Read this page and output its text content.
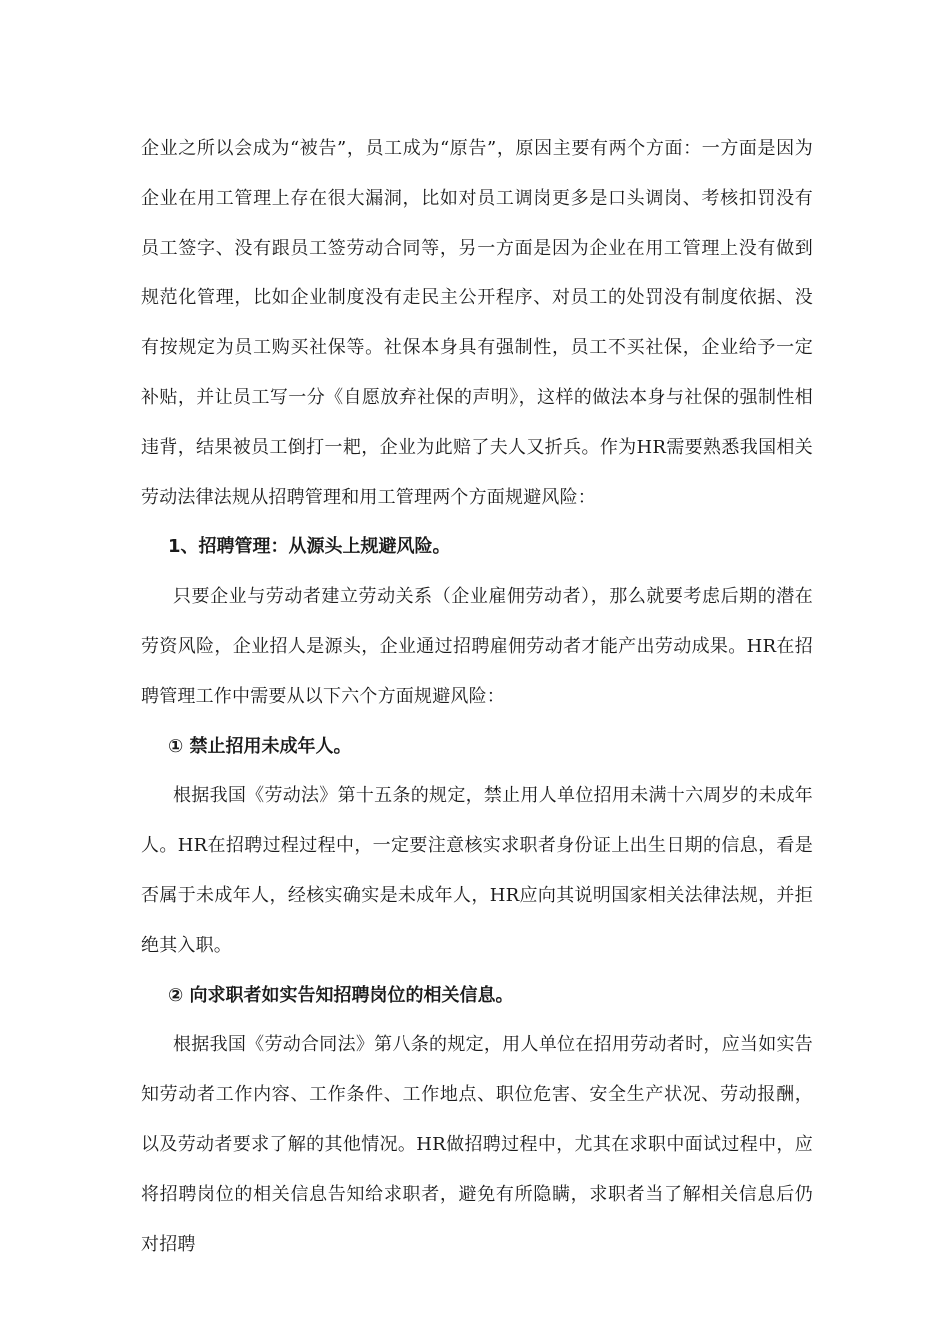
企业之所以会成为“被告”，员工成为“原告”，原因主要有两个方面：一方面是因为企业在用工管理上存在很大漏洞，比如对员工调岗更多是口头调岗、考核扣罚没有员工签字、没有跟员工签劳动合同等，另一方面是因为企业在用工管理上没有做到规范化管理，比如企业制度没有走民主公开程序、对员工的处罚没有制度依据、没有按规定为员工购买社保等。社保本身具有强制性，员工不买社保，企业给予一定补贴，并让员工写一分《自愿放弃社保的声明》，这样的做法本身与社保的强制性相违背，结果被员工倒打一耙，企业为此赔了夫人又折兵。作为HR需要熟悉我国相关劳动法律法规从招聘管理和用工管理两个方面规避风险：

1、招聘管理：从源头上规避风险。

只要企业与劳动者建立劳动关系（企业雇佣劳动者），那么就要考虑后期的潜在劳资风险，企业招人是源头，企业通过招聘雇佣劳动者才能产出劳动成果。HR在招聘管理工作中需要从以下六个方面规避风险：

① 禁止招用未成年人。

根据我国《劳动法》第十五条的规定，禁止用人单位招用未满十六周岁的未成年人。HR在招聘过程过程中，一定要注意核实求职者身份证上出生日期的信息，看是否属于未成年人，经核实确实是未成年人，HR应向其说明国家相关法律法规，并拒绝其入职。

② 向求职者如实告知招聘岗位的相关信息。

根据我国《劳动合同法》第八条的规定，用人单位在招用劳动者时，应当如实告知劳动者工作内容、工作条件、工作地点、职位危害、安全生产状况、劳动报酬，以及劳动者要求了解的其他情况。HR做招聘过程中，尤其在求职中面试过程中，应将招聘岗位的相关信息告知给求职者，避免有所隐瞒，求职者当了解相关信息后仍对招聘
